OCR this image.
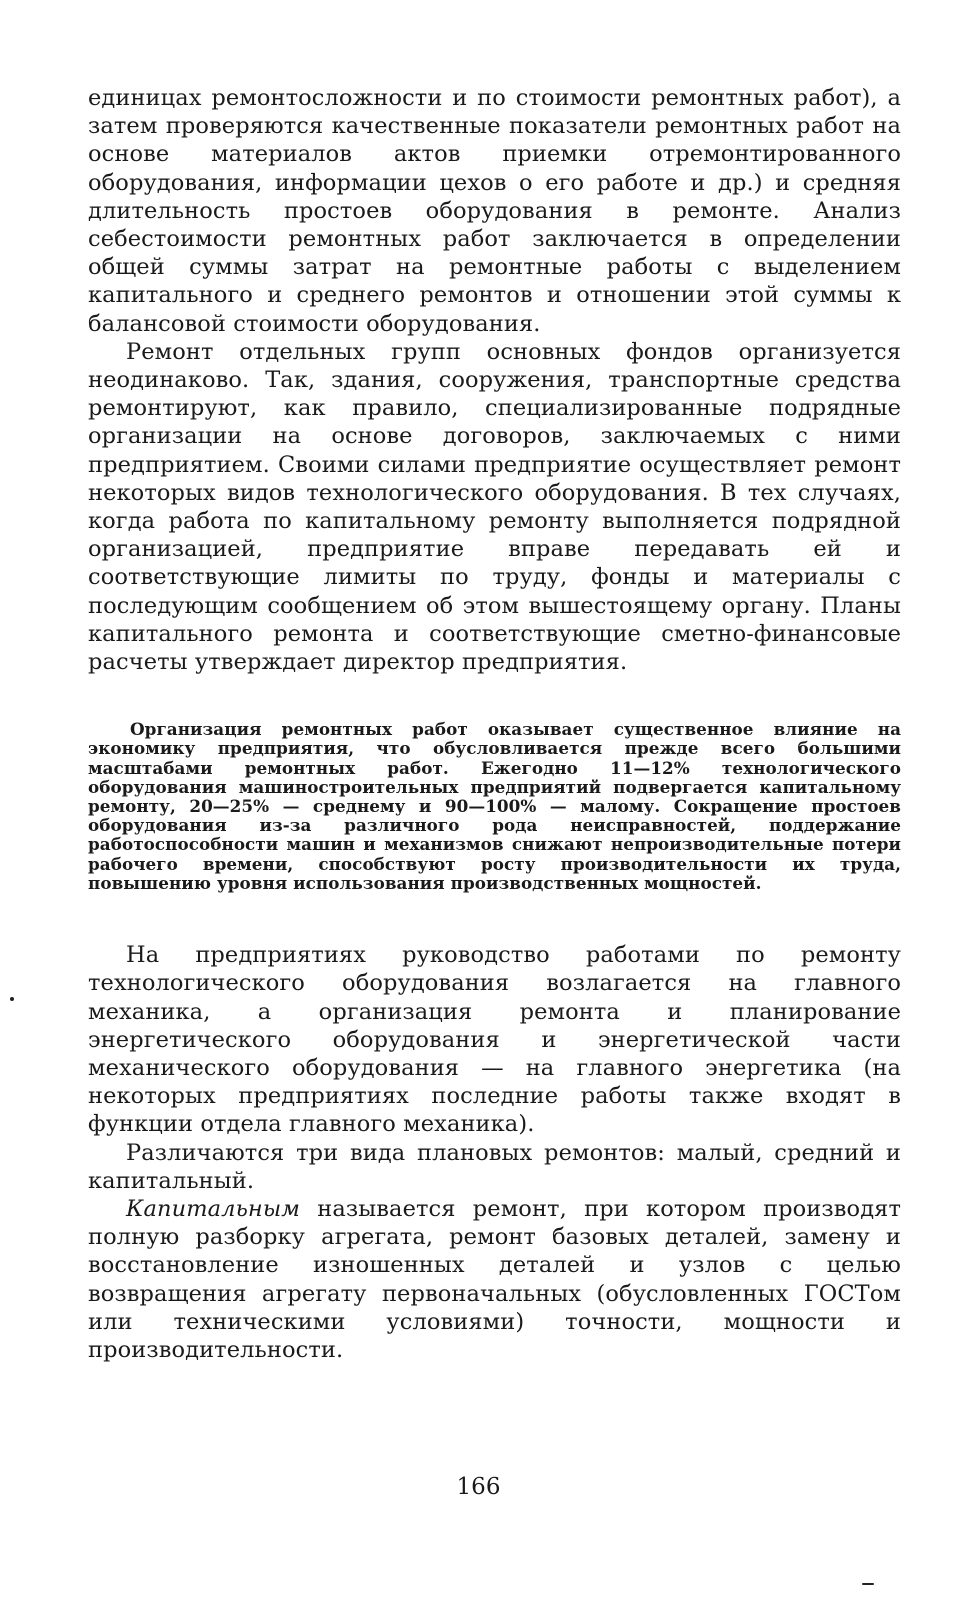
единицах ремонтосложности и по стоимости ремонтных работ), а затем проверяются качественные показатели ремонтных работ на основе материалов актов приемки отремонтированного оборудования, информации цехов о его работе и др.) и средняя длительность простоев оборудования в ремонте. Анализ себестоимости ремонтных работ заключается в определении общей суммы затрат на ремонтные работы с выделением капитального и среднего ремонтов и отношении этой суммы к балансовой стоимости оборудования.

Ремонт отдельных групп основных фондов организуется неодинаково. Так, здания, сооружения, транспортные средства ремонтируют, как правило, специализированные подрядные организации на основе договоров, заключаемых с ними предприятием. Своими силами предприятие осуществляет ремонт некоторых видов технологического оборудования. В тех случаях, когда работа по капитальному ремонту выполняется подрядной организацией, предприятие вправе передавать ей и соответствующие лимиты по труду, фонды и материалы с последующим сообщением об этом вышестоящему органу. Планы капитального ремонта и соответствующие сметно-финансовые расчеты утверждает директор предприятия.

Организация ремонтных работ оказывает существенное влияние на экономику предприятия, что обусловливается прежде всего большими масштабами ремонтных работ. Ежегодно 11—12% технологического оборудования машиностроительных предприятий подвергается капитальному ремонту, 20—25% — среднему и 90—100% — малому. Сокращение простоев оборудования из-за различного рода неисправностей, поддержание работоспособности машин и механизмов снижают непроизводительные потери рабочего времени, способствуют росту производительности их труда, повышению уровня использования производственных мощностей.

На предприятиях руководство работами по ремонту технологического оборудования возлагается на главного механика, а организация ремонта и планирование энергетического оборудования и энергетической части механического оборудования — на главного энергетика (на некоторых предприятиях последние работы также входят в функции отдела главного механика).

Различаются три вида плановых ремонтов: малый, средний и капитальный.

Капитальным называется ремонт, при котором производят полную разборку агрегата, ремонт базовых деталей, замену и восстановление изношенных деталей и узлов с целью возвращения агрегату первоначальных (обусловленных ГОСТом или техническими условиями) точности, мощности и производительности.

166
